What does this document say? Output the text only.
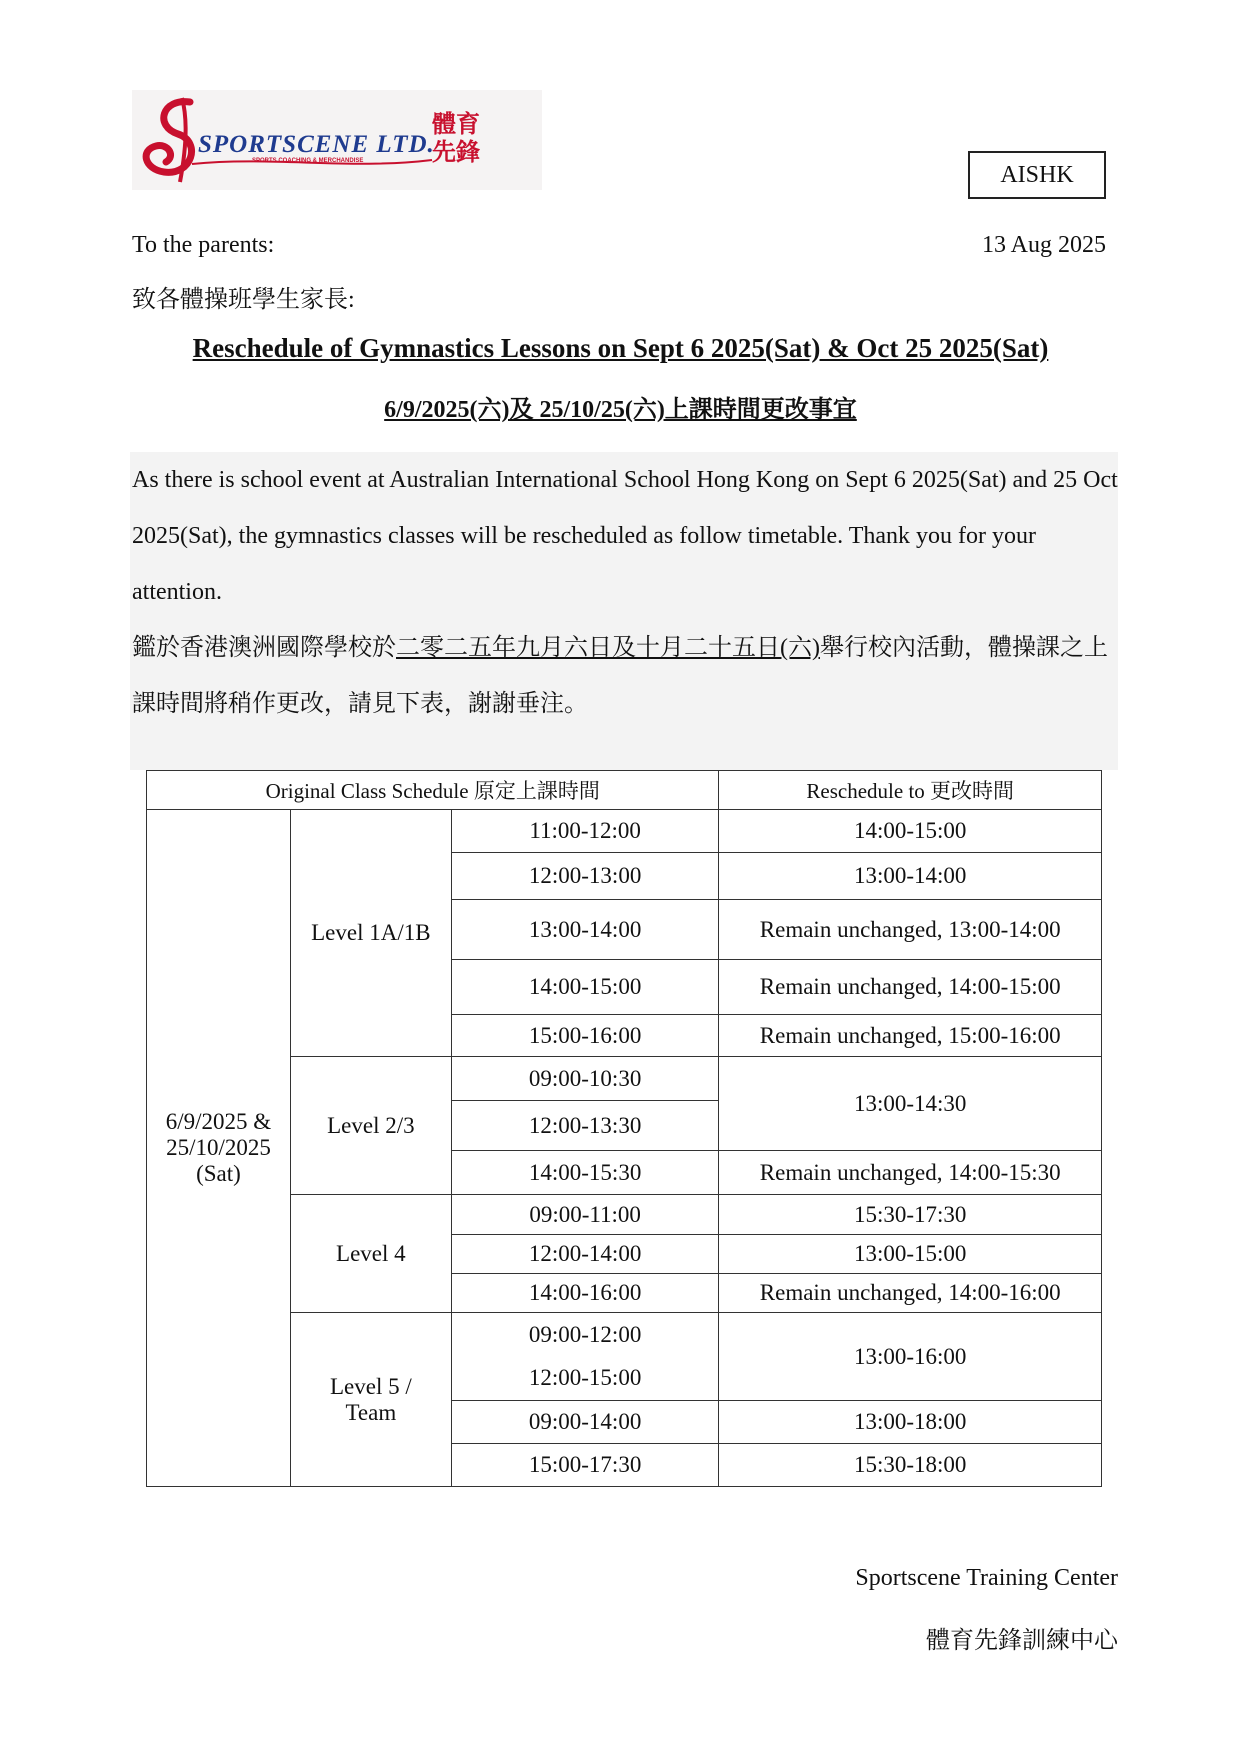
SPORTSCENE LTD.
體育
先鋒
SPORTS COACHING & MERCHANDISE
AISHK
To the parents:
致各體操班學生家長:
13 Aug 2025
Reschedule of Gymnastics Lessons on Sept 6 2025(Sat) & Oct 25 2025(Sat)
6/9/2025(六)及 25/10/25(六)上課時間更改事宜

As there is school event at Australian International School Hong Kong on Sept 6 2025(Sat) and 25 Oct 2025(Sat), the gymnastics classes will be rescheduled as follow timetable. Thank you for your attention.

鑑於香港澳洲國際學校於二零二五年九月六日及十月二十五日(六)舉行校內活動，體操課之上課時間將稍作更改，請見下表，謝謝垂注。

Original Class Schedule 原定上課時間			Reschedule to 更改時間

6/9/2025 &
25/10/2025
(Sat)	Level 1A/1B	11:00-12:00	14:00-15:00
		12:00-13:00	13:00-14:00
		13:00-14:00	Remain unchanged, 13:00-14:00
		14:00-15:00	Remain unchanged, 14:00-15:00
		15:00-16:00	Remain unchanged, 15:00-16:00
	Level 2/3	09:00-10:30	13:00-14:30
		12:00-13:30	
		14:00-15:30	Remain unchanged, 14:00-15:30
	Level 4	09:00-11:00	15:30-17:30
		12:00-14:00	13:00-15:00
		14:00-16:00	Remain unchanged, 14:00-16:00

	Level 5 /
Team	09:00-12:00	13:00-16:00
		12:00-15:00	
		09:00-14:00	13:00-18:00
		15:00-17:30	15:30-18:00
Sportscene Training Center
體育先鋒訓練中心
